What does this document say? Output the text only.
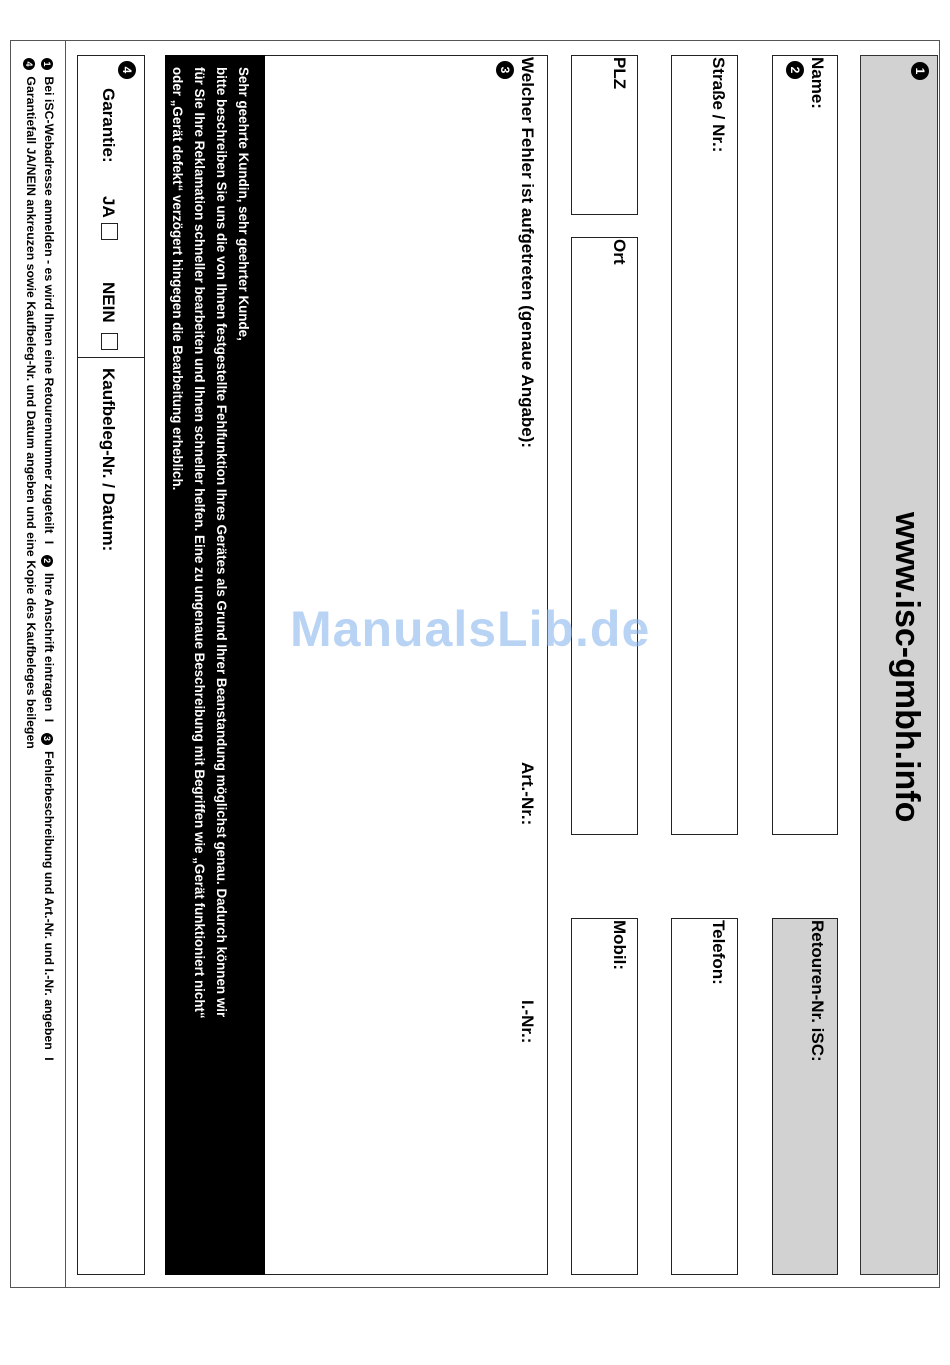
1
www.isc-gmbh.info
Name:
2
Retouren-Nr. iSC:
Straße / Nr.:
Telefon:
PLZ
Ort
Mobil:
Welcher Fehler ist aufgetreten (genaue Angabe):
3
Art.-Nr.:
I.-Nr.:
Sehr geehrte Kundin, sehr geehrter Kunde,
bitte beschreiben Sie uns die von Ihnen festgestellte Fehlfunktion Ihres Gerätes als Grund Ihrer Beanstandung möglichst genau. Dadurch können wir
für Sie Ihre Reklamation schneller bearbeiten und Ihnen schneller helfen. Eine zu ungenaue Beschreibung mit Begriffen wie „Gerät funktioniert nicht“
oder „Gerät defekt“ verzögert hingegen die Bearbeitung erheblich.
4
Garantie:
JA
NEIN
Kaufbeleg-Nr. / Datum:
1 Bei iSC-Webadresse anmelden - es wird Ihnen eine Retourennummer zugeteilt I 2 Ihre Anschrift eintragen I 3 Fehlerbeschreibung und Art.-Nr. und I.-Nr. angeben I
4 Garantiefall JA/NEIN ankreuzen sowie Kaufbeleg-Nr. und Datum angeben und eine Kopie des Kaufbeleges beilegen	ManualsLib.de
